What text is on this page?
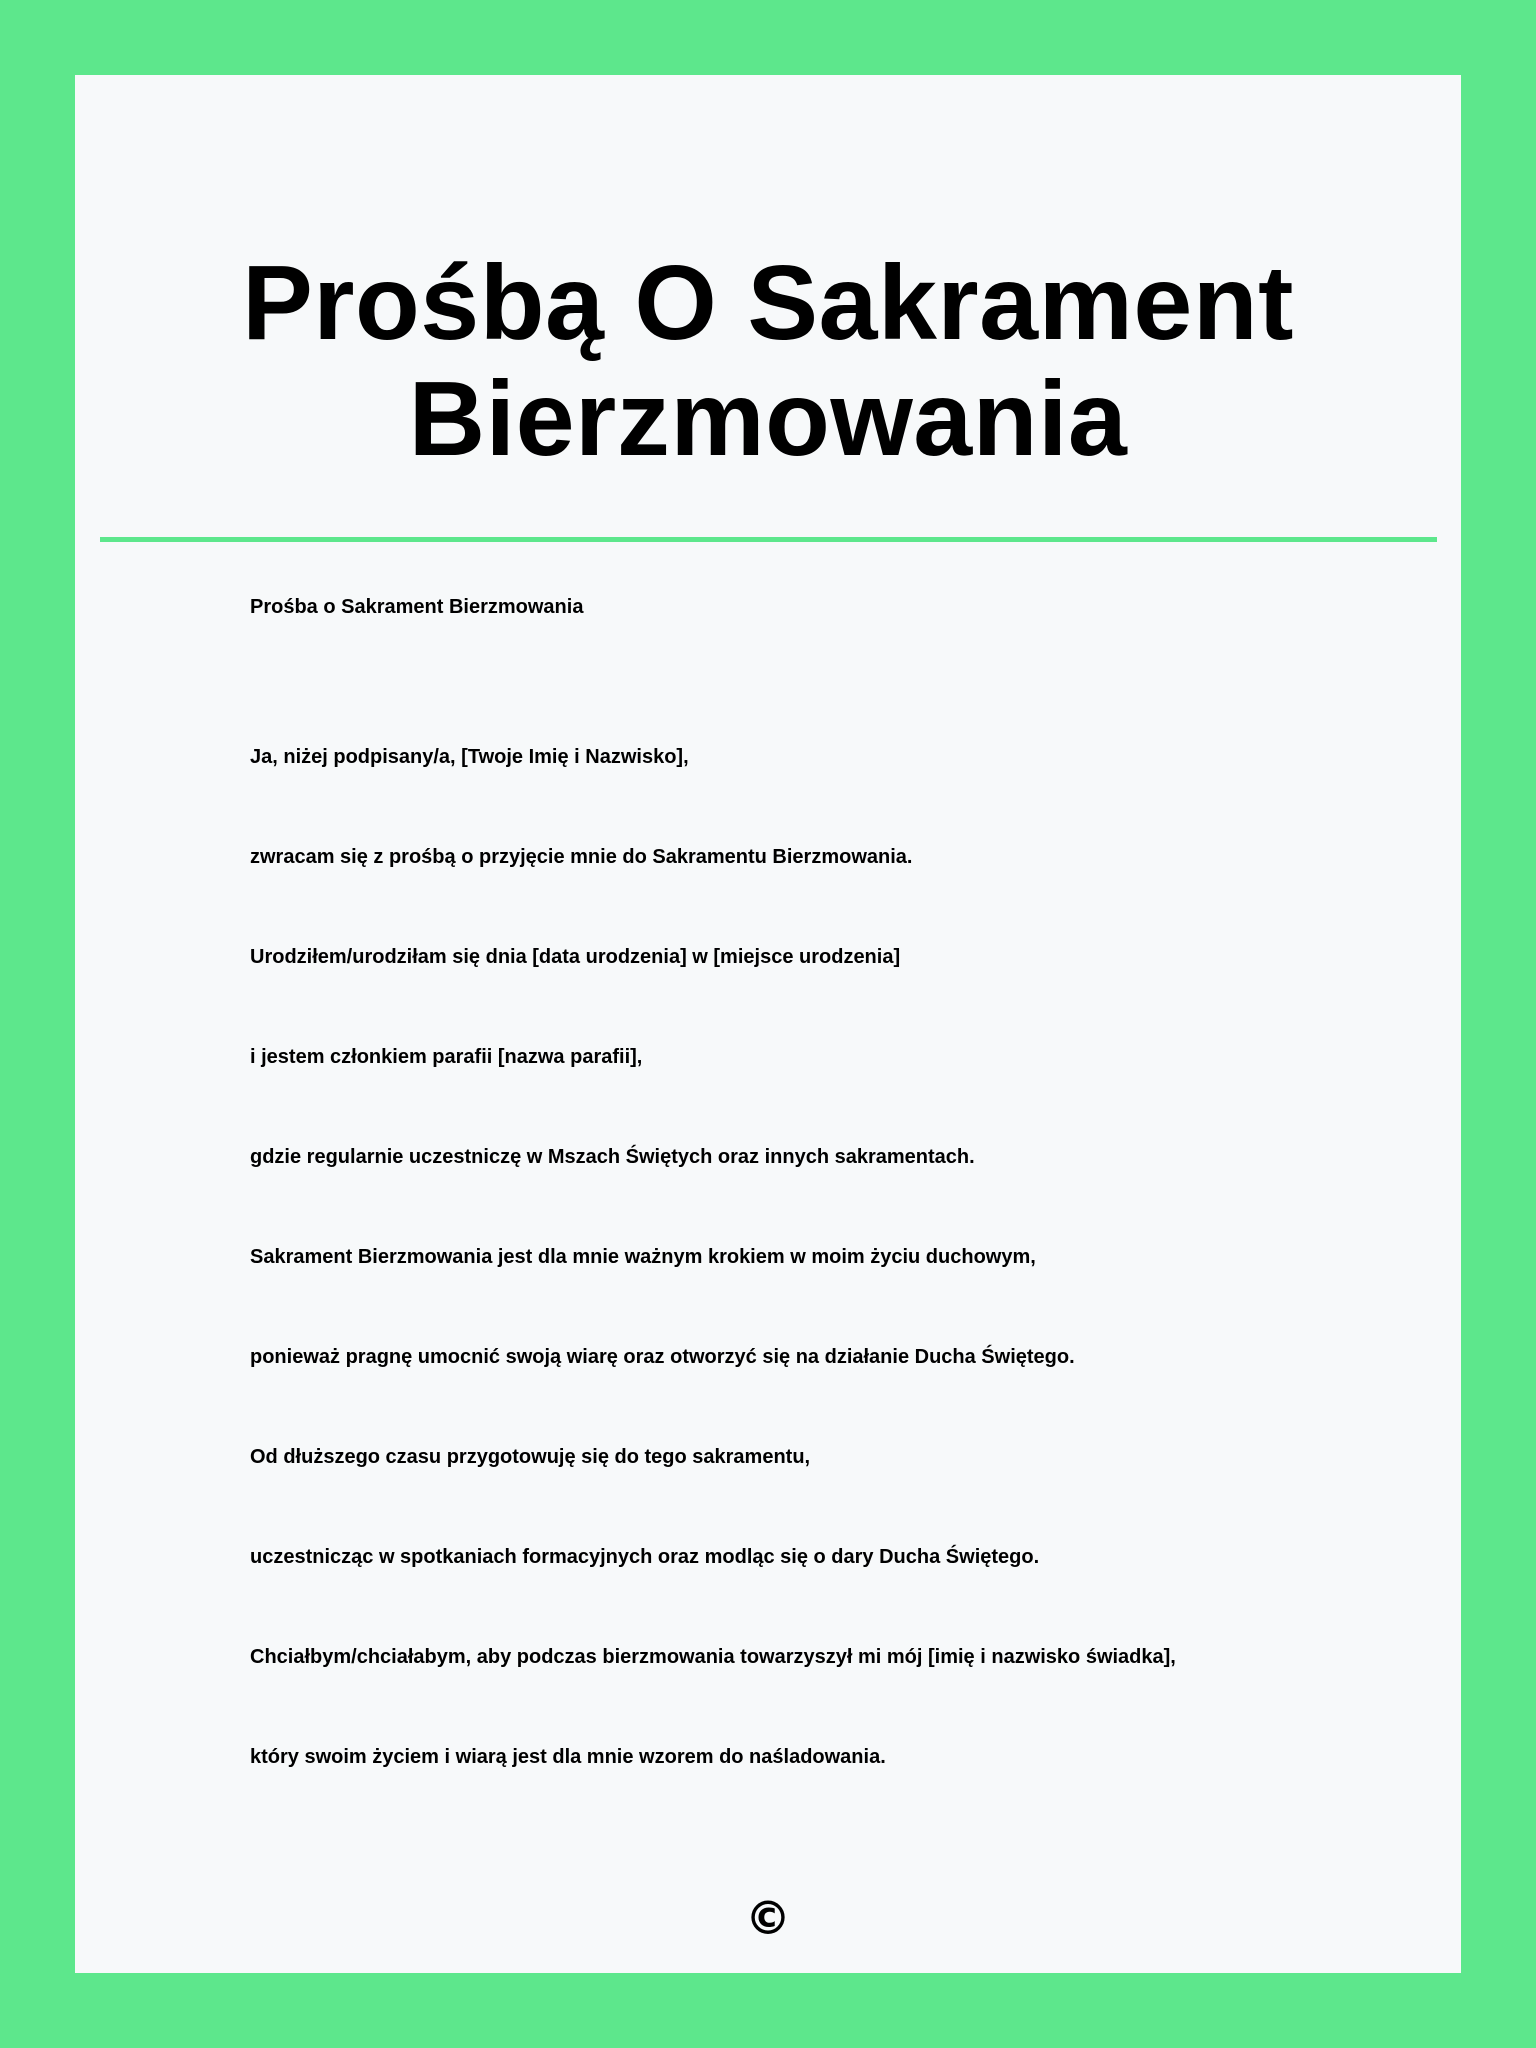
Prośbą O Sakrament Bierzmowania

Prośba o Sakrament Bierzmowania

Ja, niżej podpisany/a, [Twoje Imię i Nazwisko],
zwracam się z prośbą o przyjęcie mnie do Sakramentu Bierzmowania.
Urodziłem/urodziłam się dnia [data urodzenia] w [miejsce urodzenia]
i jestem członkiem parafii [nazwa parafii],
gdzie regularnie uczestniczę w Mszach Świętych oraz innych sakramentach.
Sakrament Bierzmowania jest dla mnie ważnym krokiem w moim życiu duchowym,
ponieważ pragnę umocnić swoją wiarę oraz otworzyć się na działanie Ducha Świętego.
Od dłuższego czasu przygotowuję się do tego sakramentu,
uczestnicząc w spotkaniach formacyjnych oraz modląc się o dary Ducha Świętego.
Chciałbym/chciałabym, aby podczas bierzmowania towarzyszył mi mój [imię i nazwisko świadka],
który swoim życiem i wiarą jest dla mnie wzorem do naśladowania.
©
